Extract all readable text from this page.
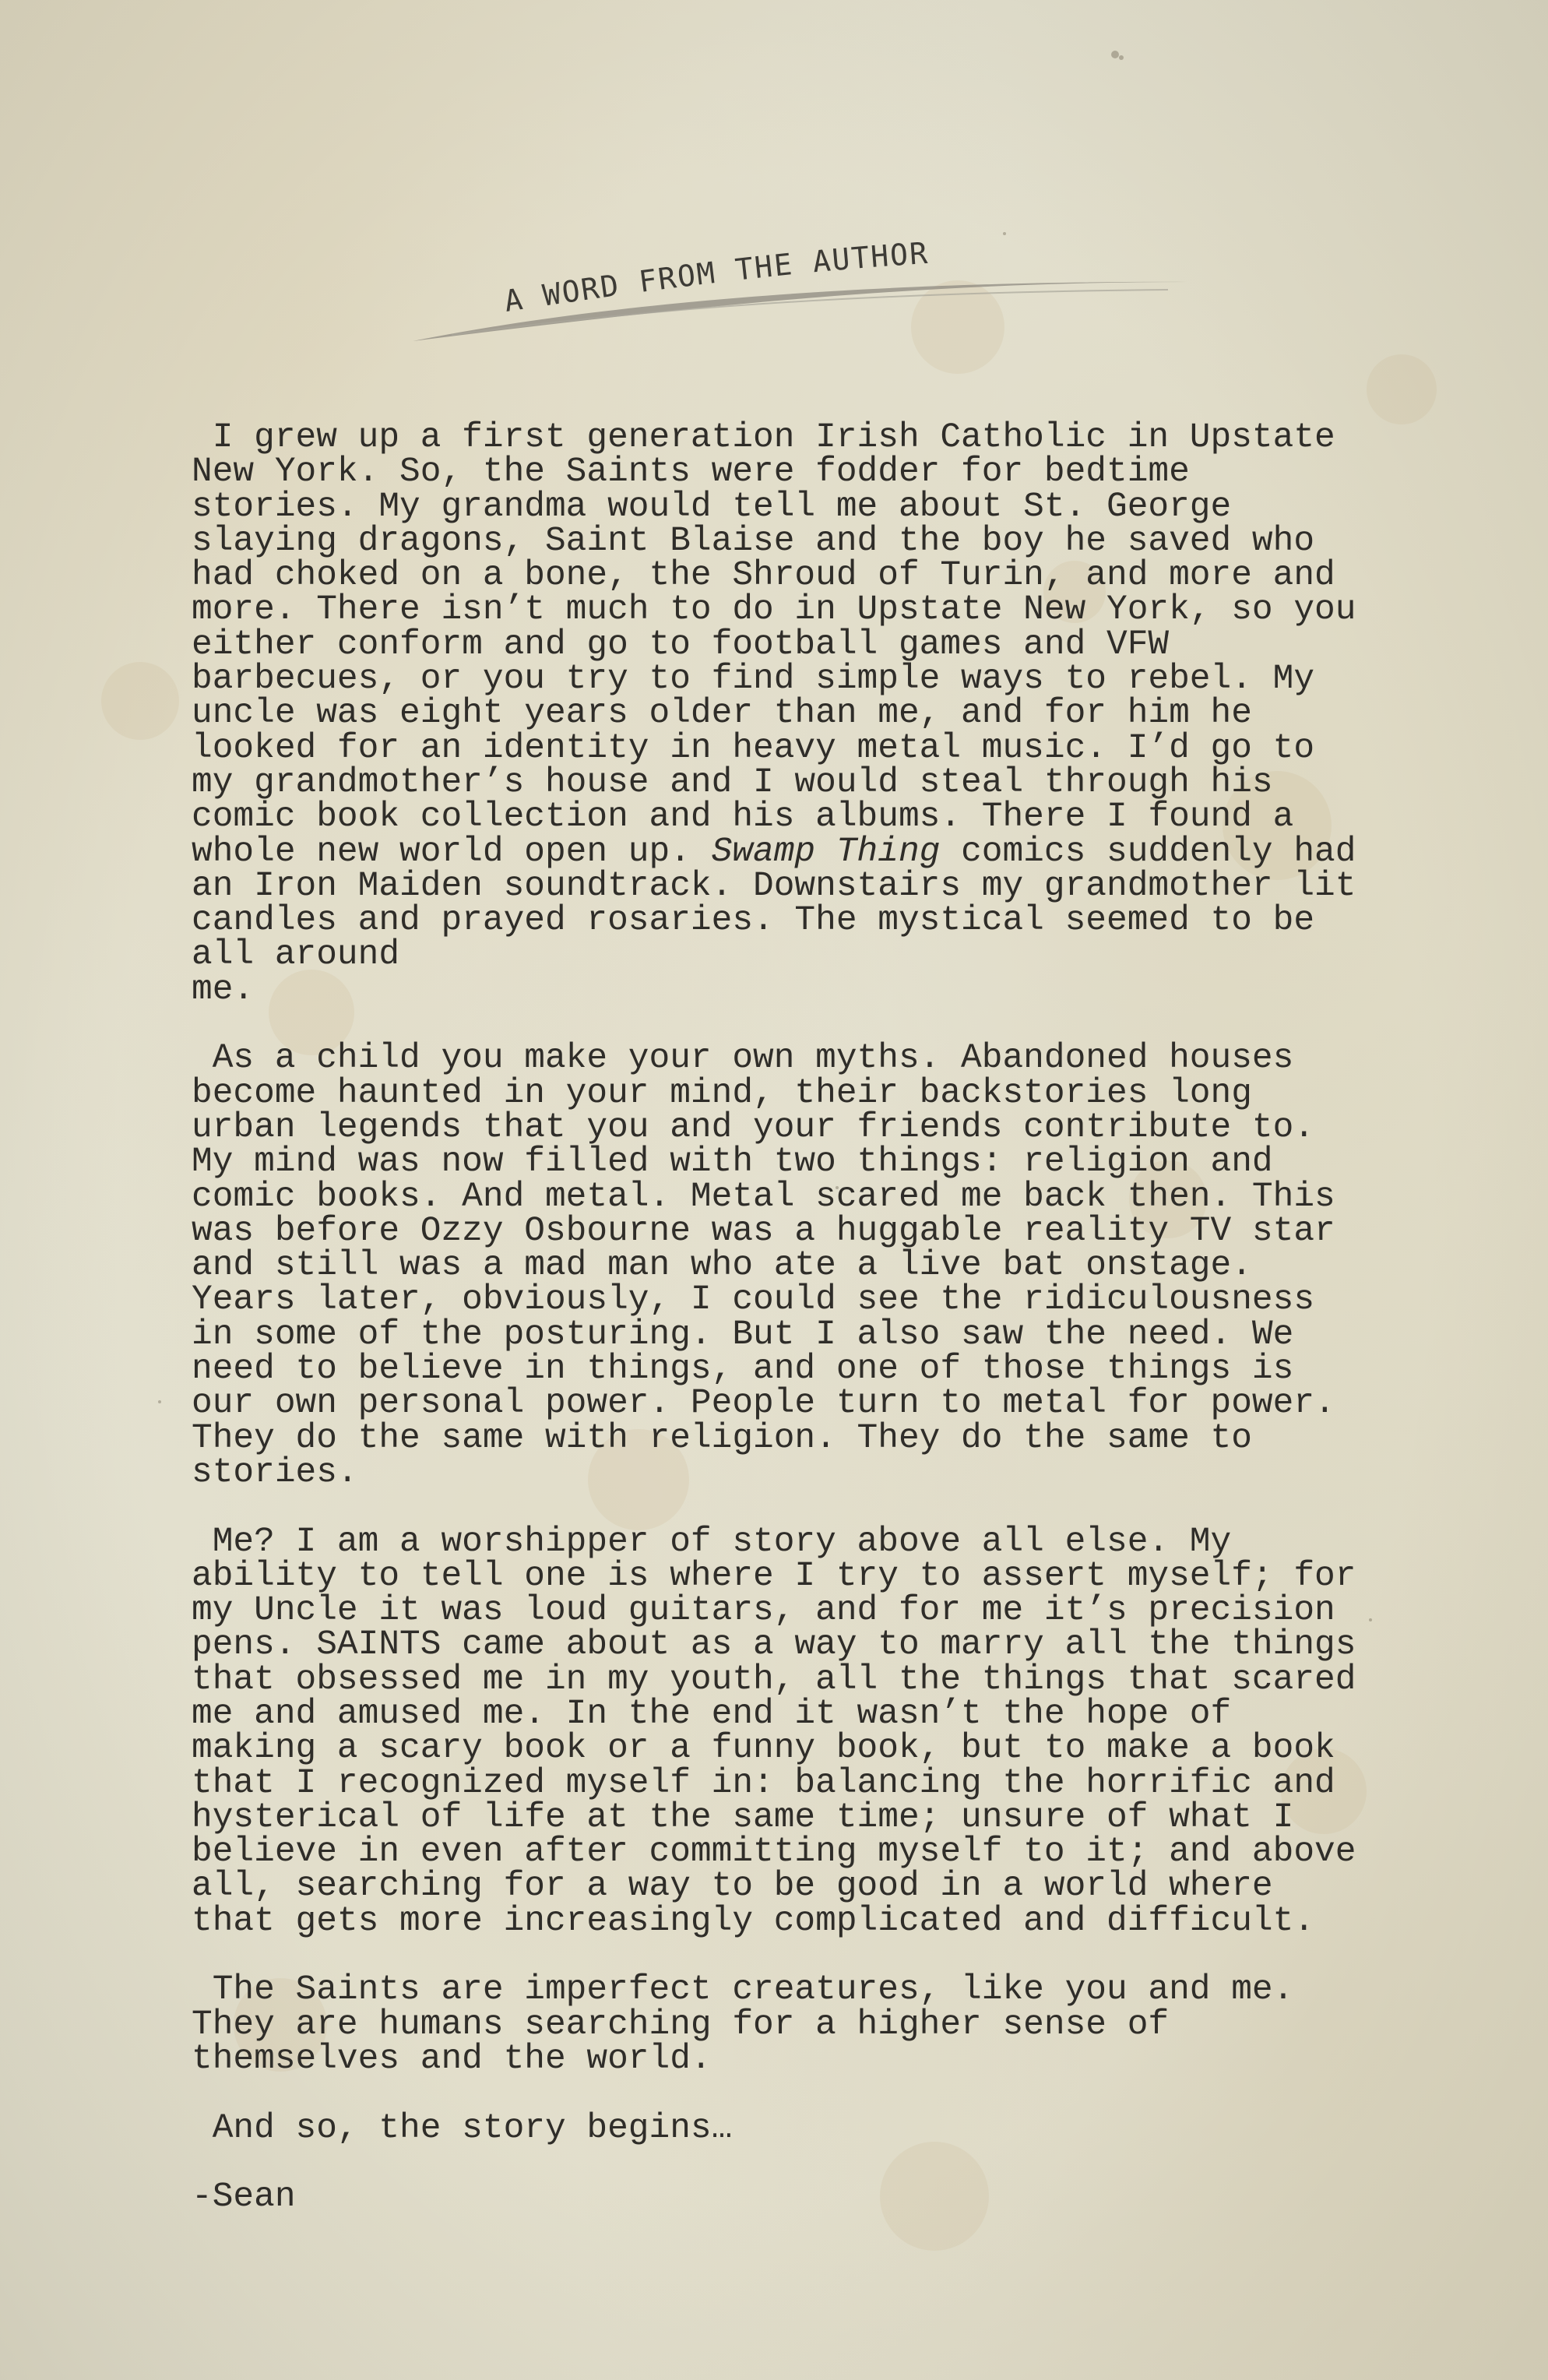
A WORD FROM THE AUTHOR
I grew up a first generation Irish Catholic in Upstate
New York. So, the Saints were fodder for bedtime
stories. My grandma would tell me about St. George
slaying dragons, Saint Blaise and the boy he saved who
had choked on a bone, the Shroud of Turin, and more and
more. There isn’t much to do in Upstate New York, so you
either conform and go to football games and VFW
barbecues, or you try to find simple ways to rebel. My
uncle was eight years older than me, and for him he
looked for an identity in heavy metal music. I’d go to
my grandmother’s house and I would steal through his
comic book collection and his albums. There I found a
whole new world open up. Swamp Thing comics suddenly had
an Iron Maiden soundtrack. Downstairs my grandmother lit
candles and prayed rosaries. The mystical seemed to be
all around
me.
As a child you make your own myths. Abandoned houses
become haunted in your mind, their backstories long
urban legends that you and your friends contribute to.
My mind was now filled with two things: religion and
comic books. And metal. Metal scared me back then. This
was before Ozzy Osbourne was a huggable reality TV star
and still was a mad man who ate a live bat onstage.
Years later, obviously, I could see the ridiculousness
in some of the posturing. But I also saw the need. We
need to believe in things, and one of those things is
our own personal power. People turn to metal for power.
They do the same with religion. They do the same to
stories.
Me? I am a worshipper of story above all else. My
ability to tell one is where I try to assert myself; for
my Uncle it was loud guitars, and for me it’s precision
pens. SAINTS came about as a way to marry all the things
that obsessed me in my youth, all the things that scared
me and amused me. In the end it wasn’t the hope of
making a scary book or a funny book, but to make a book
that I recognized myself in: balancing the horrific and
hysterical of life at the same time; unsure of what I
believe in even after committing myself to it; and above
all, searching for a way to be good in a world where
that gets more increasingly complicated and difficult.
The Saints are imperfect creatures, like you and me.
They are humans searching for a higher sense of
themselves and the world.
And so, the story begins…
-Sean
